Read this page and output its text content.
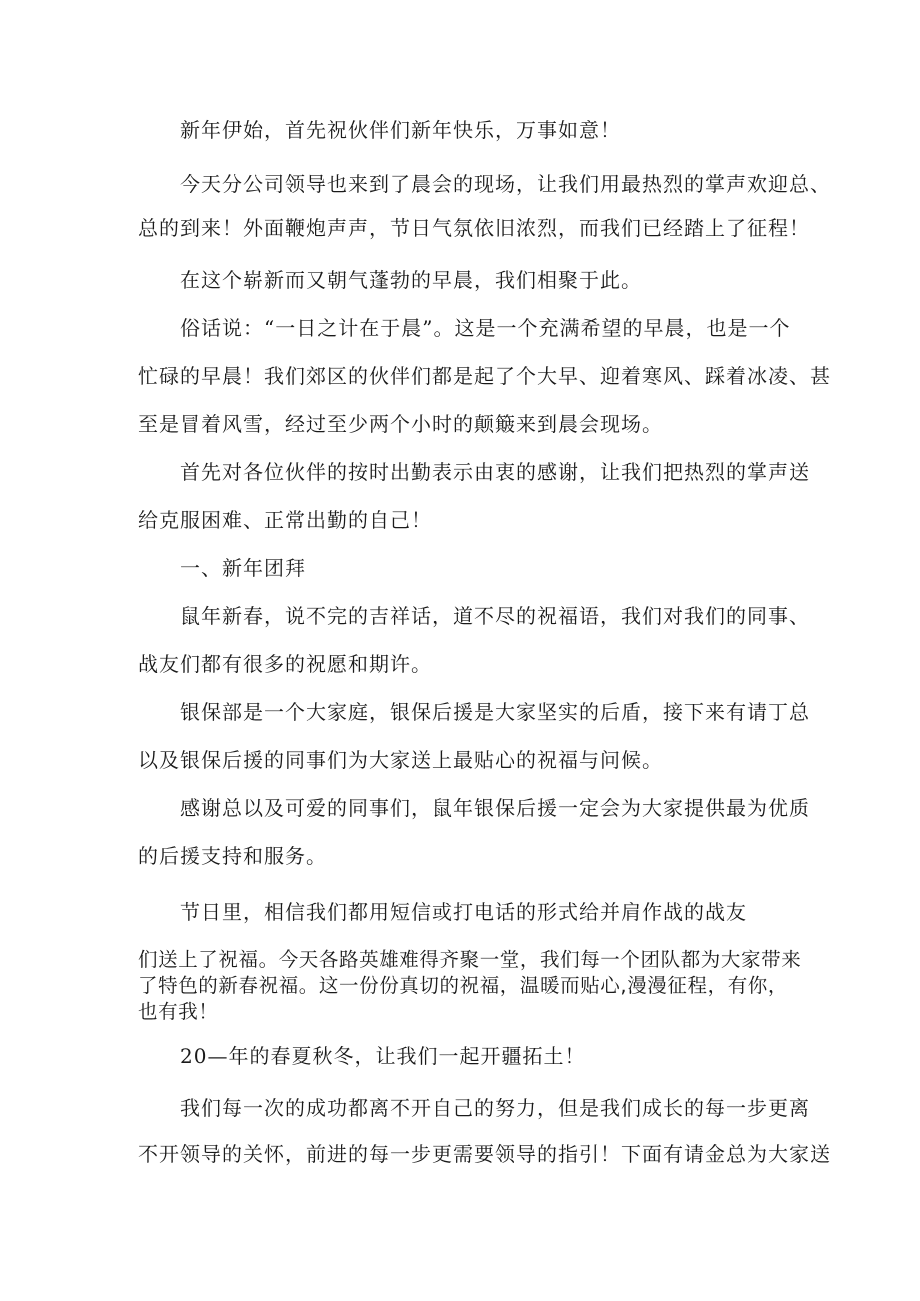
新年伊始，首先祝伙伴们新年快乐，万事如意！
今天分公司领导也来到了晨会的现场，让我们用最热烈的掌声欢迎总、
总的到来！外面鞭炮声声，节日气氛依旧浓烈，而我们已经踏上了征程！
在这个崭新而又朝气蓬勃的早晨，我们相聚于此。
俗话说：“一日之计在于晨”。这是一个充满希望的早晨，也是一个
忙碌的早晨！我们郊区的伙伴们都是起了个大早、迎着寒风、踩着冰凌、甚
至是冒着风雪，经过至少两个小时的颠簸来到晨会现场。
首先对各位伙伴的按时出勤表示由衷的感谢，让我们把热烈的掌声送
给克服困难、正常出勤的自己！
一、新年团拜
鼠年新春，说不完的吉祥话，道不尽的祝福语，我们对我们的同事、
战友们都有很多的祝愿和期许。
银保部是一个大家庭，银保后援是大家坚实的后盾，接下来有请丁总
以及银保后援的同事们为大家送上最贴心的祝福与问候。
感谢总以及可爱的同事们，鼠年银保后援一定会为大家提供最为优质
的后援支持和服务。
节日里，相信我们都用短信或打电话的形式给并肩作战的战友
们送上了祝福。今天各路英雄难得齐聚一堂，我们每一个团队都为大家带来
了特色的新春祝福。这一份份真切的祝福，温暖而贴心,漫漫征程，有你，
也有我！
20—年的春夏秋冬，让我们一起开疆拓土！
我们每一次的成功都离不开自己的努力，但是我们成长的每一步更离
不开领导的关怀，前进的每一步更需要领导的指引！下面有请金总为大家送
